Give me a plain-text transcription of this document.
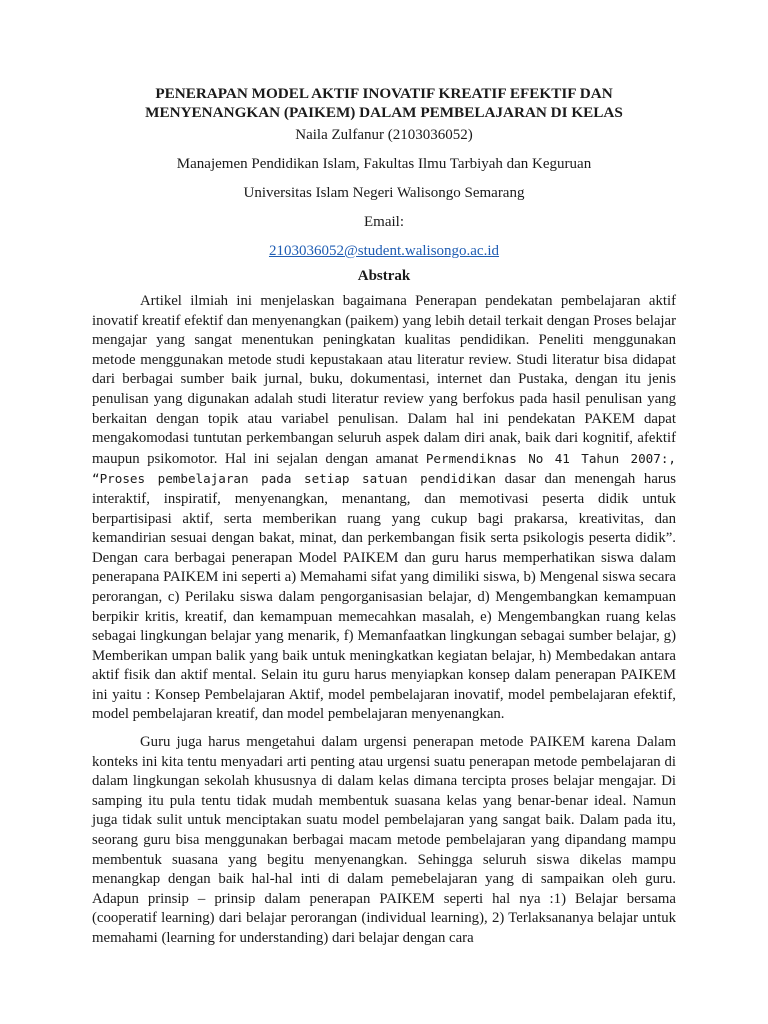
PENERAPAN MODEL AKTIF INOVATIF KREATIF EFEKTIF DAN

MENYENANGKAN (PAIKEM) DALAM PEMBELAJARAN DI KELAS

Naila Zulfanur (2103036052)

Manajemen Pendidikan Islam, Fakultas Ilmu Tarbiyah dan Keguruan

Universitas Islam Negeri Walisongo Semarang

Email:

2103036052@student.walisongo.ac.id

Abstrak

Artikel ilmiah ini menjelaskan bagaimana Penerapan pendekatan pembelajaran aktif inovatif kreatif efektif dan menyenangkan (paikem) yang lebih detail terkait dengan Proses belajar mengajar yang sangat menentukan peningkatan kualitas pendidikan. Peneliti menggunakan metode menggunakan metode studi kepustakaan atau literatur review. Studi literatur bisa didapat dari berbagai sumber baik jurnal, buku, dokumentasi, internet dan Pustaka, dengan itu jenis penulisan yang digunakan adalah studi literatur review yang berfokus pada hasil penulisan yang berkaitan dengan topik atau variabel penulisan. Dalam hal ini pendekatan PAKEM dapat mengakomodasi tuntutan perkembangan seluruh aspek dalam diri anak, baik dari kognitif, afektif maupun psikomotor. Hal ini sejalan dengan amanat Permendiknas No 41 Tahun 2007:, “Proses pembelajaran pada setiap satuan pendidikan dasar dan menengah harus interaktif, inspiratif, menyenangkan, menantang, dan memotivasi peserta didik untuk berpartisipasi aktif, serta memberikan ruang yang cukup bagi prakarsa, kreativitas, dan kemandirian sesuai dengan bakat, minat, dan perkembangan fisik serta psikologis peserta didik”. Dengan cara berbagai penerapan Model PAIKEM dan guru harus memperhatikan siswa dalam penerapana PAIKEM ini seperti a) Memahami sifat yang dimiliki siswa, b) Mengenal siswa secara perorangan, c) Perilaku siswa dalam pengorganisasian belajar, d) Mengembangkan kemampuan berpikir kritis, kreatif, dan kemampuan memecahkan masalah, e) Mengembangkan ruang kelas sebagai lingkungan belajar yang menarik, f) Memanfaatkan lingkungan sebagai sumber belajar, g) Memberikan umpan balik yang baik untuk meningkatkan kegiatan belajar, h) Membedakan antara aktif fisik dan aktif mental. Selain itu guru harus menyiapkan konsep dalam penerapan PAIKEM ini yaitu : Konsep Pembelajaran Aktif, model pembelajaran inovatif, model pembelajaran efektif, model pembelajaran kreatif, dan model pembelajaran menyenangkan.

Guru juga harus mengetahui dalam urgensi penerapan metode PAIKEM karena Dalam konteks ini kita tentu menyadari arti penting atau urgensi suatu penerapan metode pembelajaran di dalam lingkungan sekolah khususnya di dalam kelas dimana tercipta proses belajar mengajar. Di samping itu pula tentu tidak mudah membentuk suasana kelas yang benar-benar ideal. Namun juga tidak sulit untuk menciptakan suatu model pembelajaran yang sangat baik. Dalam pada itu, seorang guru bisa menggunakan berbagai macam metode pembelajaran yang dipandang mampu membentuk suasana yang begitu menyenangkan. Sehingga seluruh siswa dikelas mampu menangkap dengan baik hal-hal inti di dalam pemebelajaran yang di sampaikan oleh guru. Adapun prinsip – prinsip dalam penerapan PAIKEM seperti hal nya :1) Belajar bersama (cooperatif learning) dari belajar perorangan (individual learning), 2) Terlaksananya belajar untuk memahami (learning for understanding) dari belajar dengan cara
